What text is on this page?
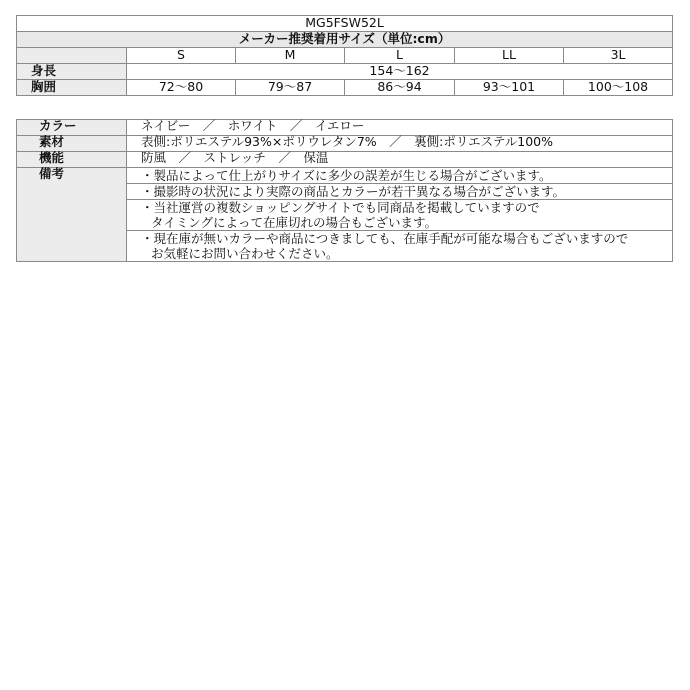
MG5FSW52L					
メーカー推奨着用サイズ（単位:cm）					
	S	M	L	LL	3L
身長	154〜162				
胸囲	72〜80	79〜87	86〜94	93〜101	100〜108
カラー	ネイビー　／　ホワイト　／　イエロー
素材	表側:ポリエステル93%×ポリウレタン7%　／　裏側:ポリエステル100%
機能	防風　／　ストレッチ　／　保温
備考	・製品によって仕上がりサイズに多少の誤差が生じる場合がございます。

	・撮影時の状況により実際の商品とカラーが若干異なる場合がございます。

	・当社運営の複数ショッピングサイトでも同商品を掲載していますので
タイミングによって在庫切れの場合もございます。

	・現在庫が無いカラーや商品につきましても、在庫手配が可能な場合もございますので
お気軽にお問い合わせください。
